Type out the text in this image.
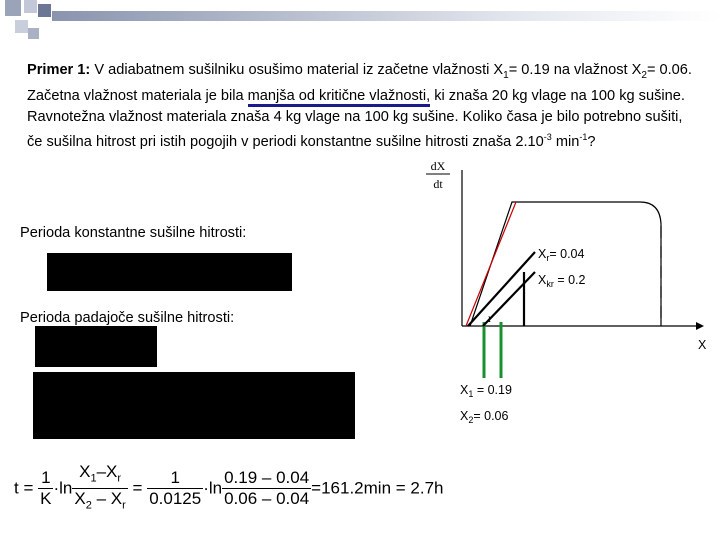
Primer 1: V adiabatnem sušilniku osušimo material iz začetne vlažnosti $X_1= 0.19$ na vlažnost $X_2= 0.06$. Začetna vlažnost materiala je bila manjša od kritične vlažnosti, ki znaša 20 kg vlage na 100 kg sušine. Ravnotežna vlažnost materiala znaša 4 kg vlage na 100 kg sušine. Koliko časa je bilo potrebno sušiti, če sušilna hitrost pri istih pogojih v periodi konstantne sušilne hitrosti znaša $2.10^{-3}$ $\min^{-1}$?
Perioda konstantne sušilne hitrosti:
Perioda padajoče sušilne hitrosti:
dX
dt
X
r
$X_r= 0.04$
$X_{kr} = 0.2$
$X_1 = 0.19$
$X_2= 0.06$
$t = \frac{1}{K} \cdot\ln \frac{X_1-X_r}{X_2 - X_r} = \frac{1}{0.0125} \cdot\ln \frac{0.19 - 0.04}{0.06 - 0.04} =161.2\min = 2.7h$
